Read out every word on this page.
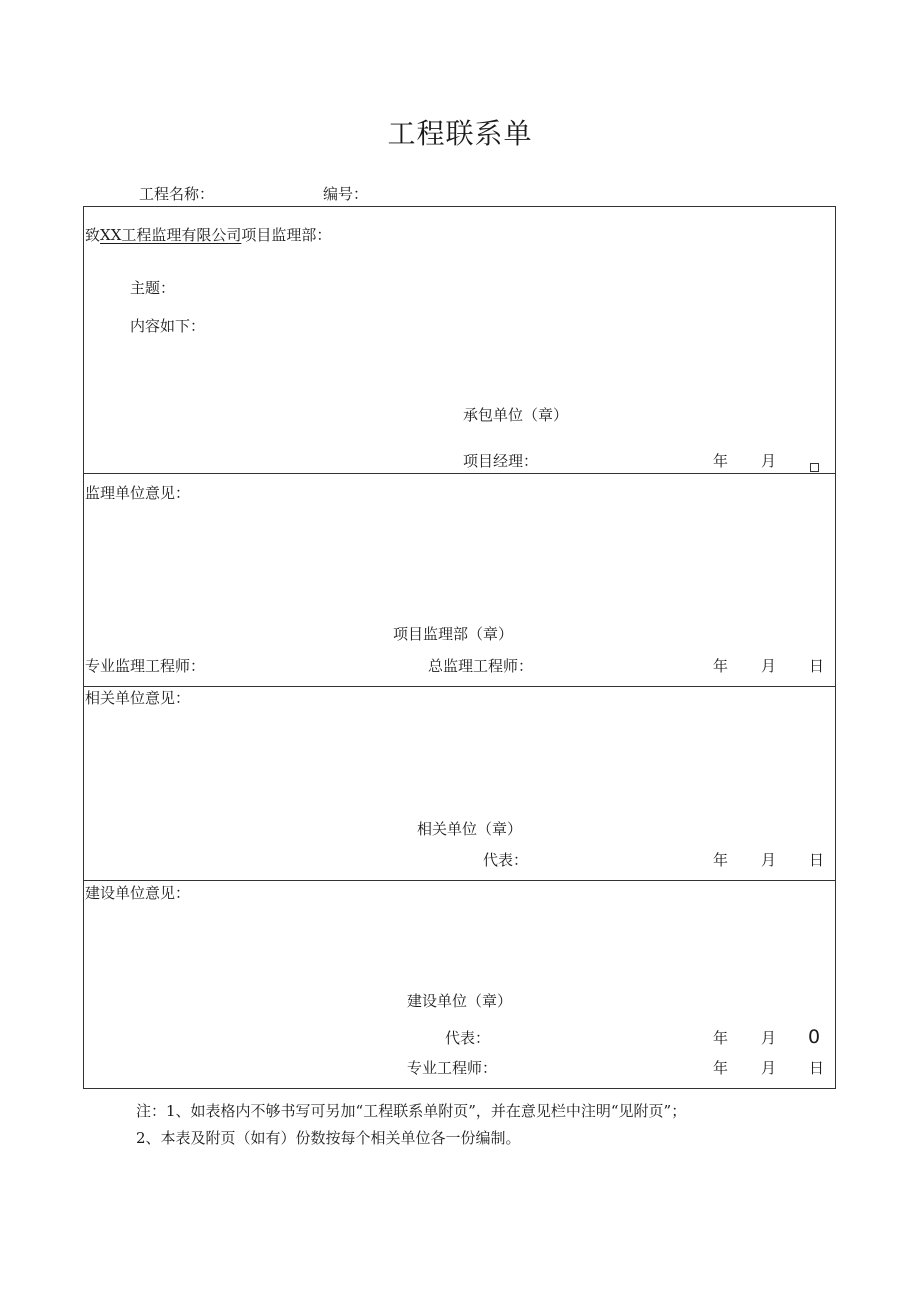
工程联系单
工程名称：	编号：
致XX工程监理有限公司项目监理部：
主题：
内容如下：
承包单位（章）
项目经理：	年 月
监理单位意见：
项目监理部（章）
专业监理工程师：	总监理工程师：	年 月 日
相关单位意见：
相关单位（章）
代表：	年 月 日
建设单位意见：
建设单位（章）
代表：	年 月 0
专业工程师：	年 月 日
注：1、如表格内不够书写可另加“工程联系单附页”，并在意见栏中注明“见附页”；
2、本表及附页（如有）份数按每个相关单位各一份编制。
